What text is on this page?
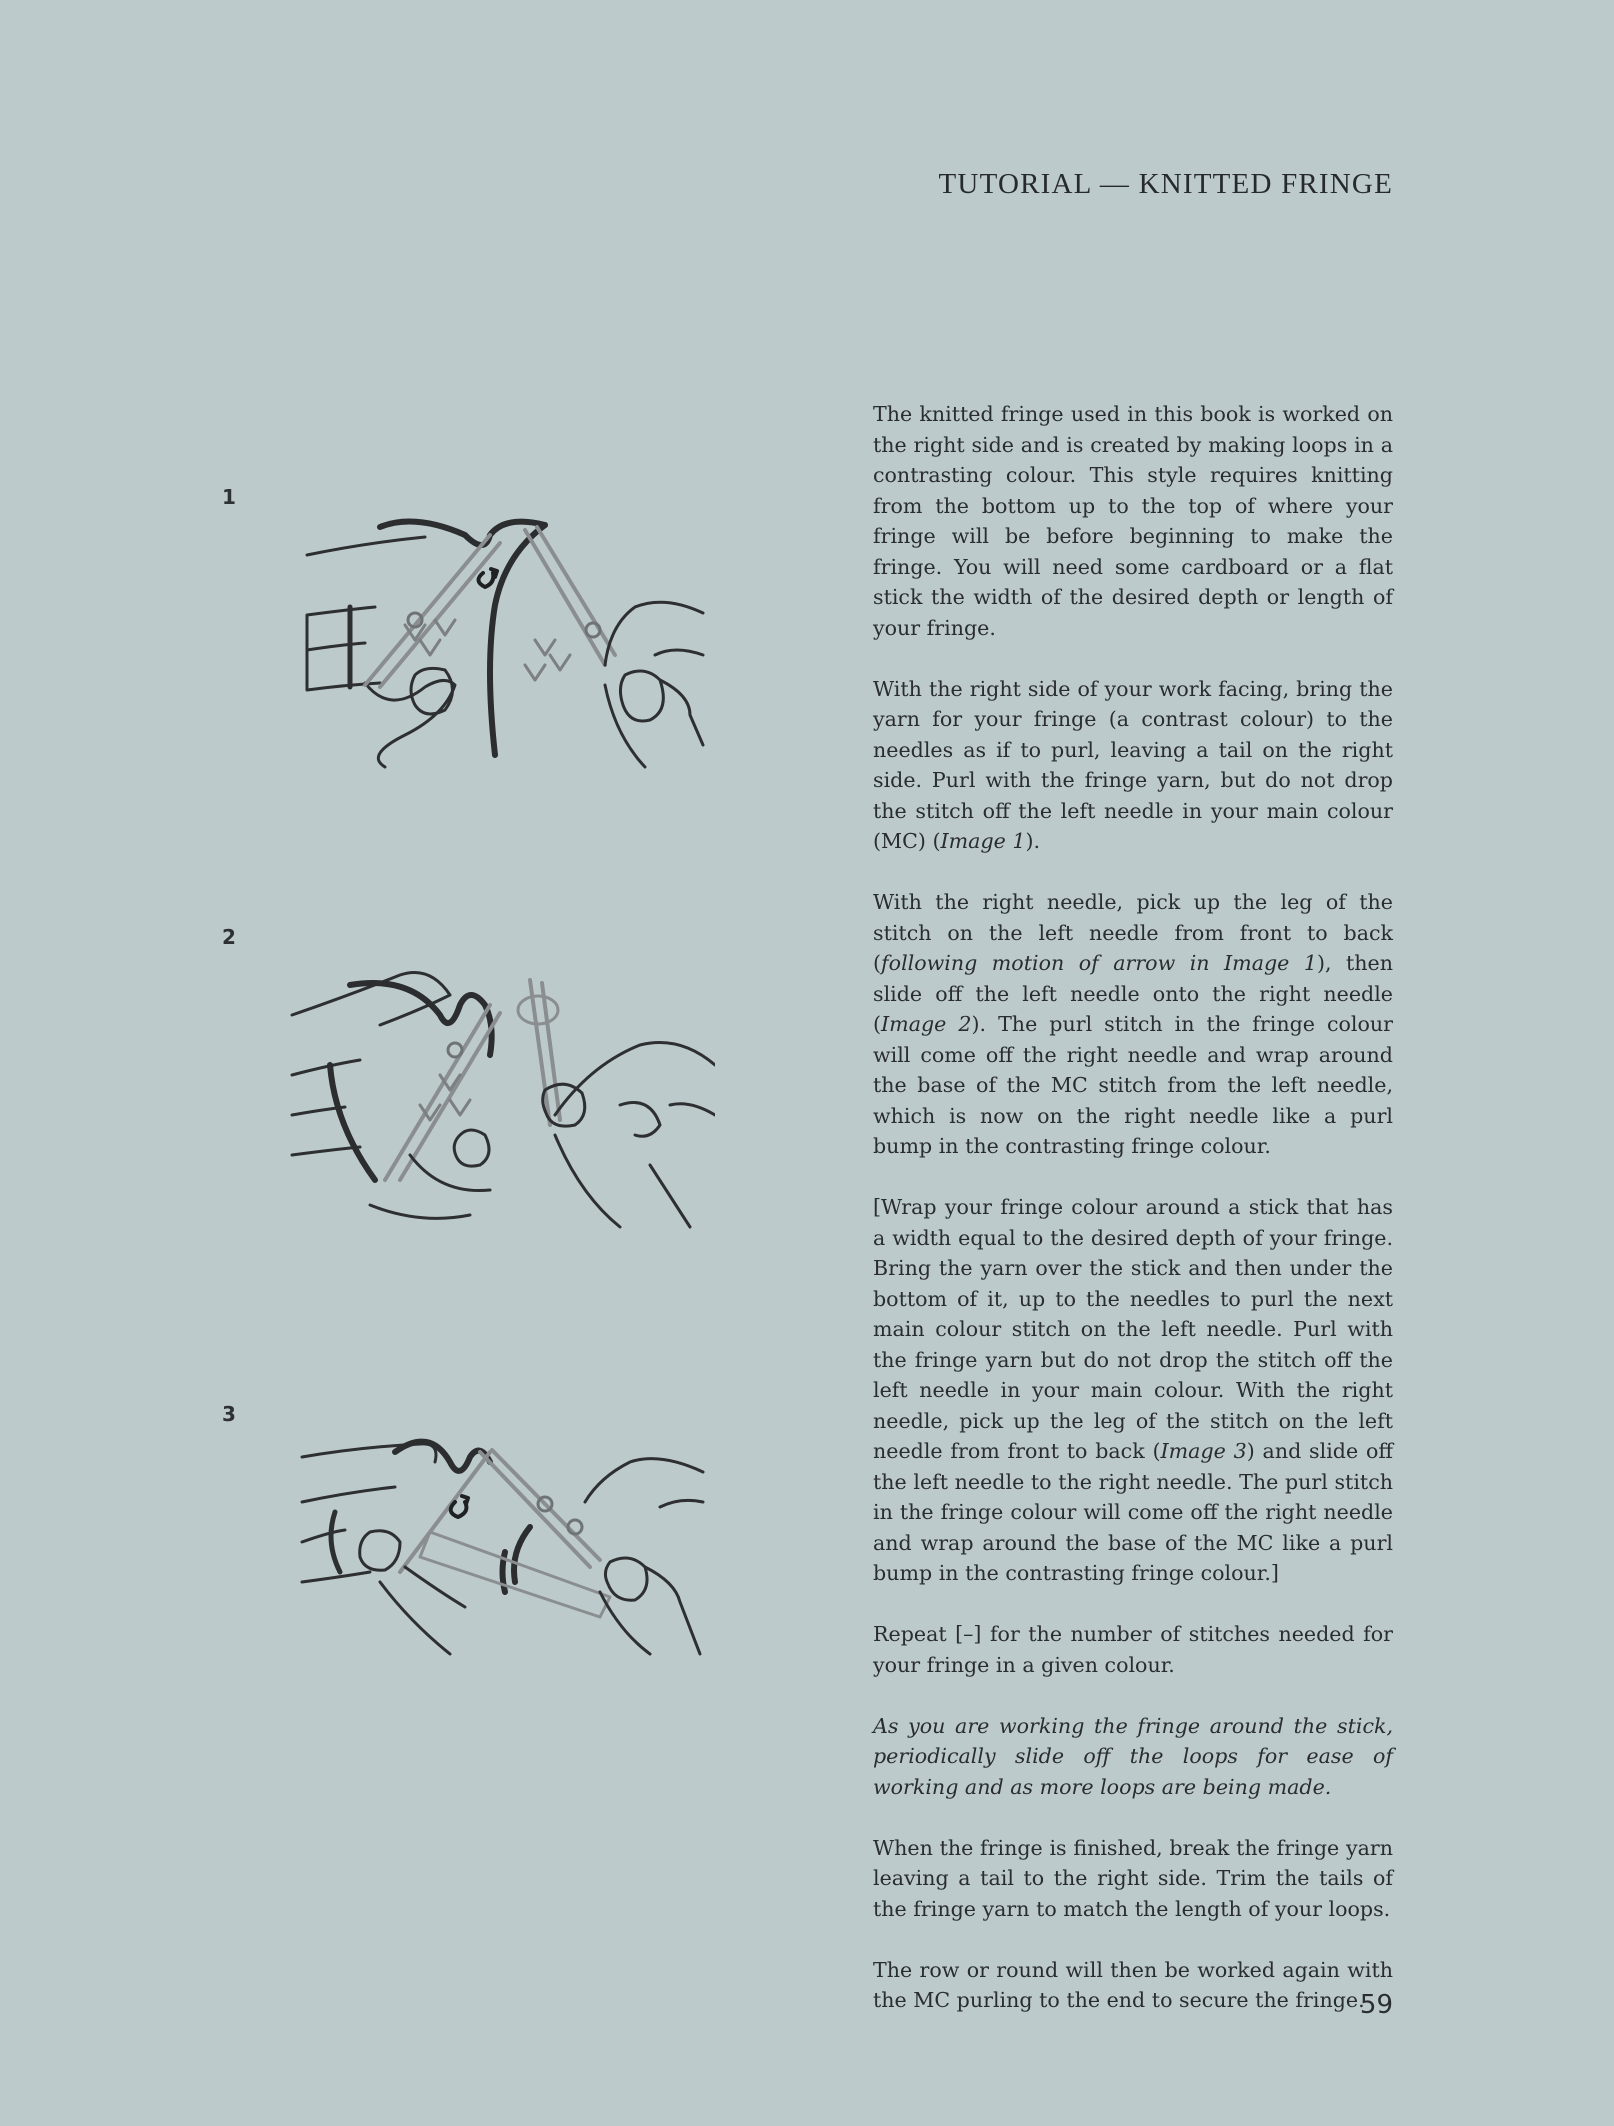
TUTORIAL — KNITTED FRINGE
1
2
3

The knitted fringe used in this book is worked on the right side and is created by making loops in a contrasting colour. This style requires knitting from the bottom up to the top of where your fringe will be before beginning to make the fringe. You will need some cardboard or a flat stick the width of the desired depth or length of your fringe.

With the right side of your work facing, bring the yarn for your fringe (a contrast colour) to the needles as if to purl, leaving a tail on the right side. Purl with the fringe yarn, but do not drop the stitch off the left needle in your main colour (MC) (Image 1).

With the right needle, pick up the leg of the stitch on the left needle from front to back (following motion of arrow in Image 1), then slide off the left needle onto the right needle (Image 2). The purl stitch in the fringe colour will come off the right needle and wrap around the base of the MC stitch from the left needle, which is now on the right needle like a purl bump in the contrasting fringe colour.

[Wrap your fringe colour around a stick that has a width equal to the desired depth of your fringe. Bring the yarn over the stick and then under the bottom of it, up to the needles to purl the next main colour stitch on the left needle. Purl with the fringe yarn but do not drop the stitch off the left needle in your main colour. With the right needle, pick up the leg of the stitch on the left needle from front to back (Image 3) and slide off the left needle to the right needle. The purl stitch in the fringe colour will come off the right needle and wrap around the base of the MC like a purl bump in the contrasting fringe colour.]

Repeat [–] for the number of stitches needed for your fringe in a given colour.

As you are working the fringe around the stick, periodically slide off the loops for ease of working and as more loops are being made.

When the fringe is finished, break the fringe yarn leaving a tail to the right side. Trim the tails of the fringe yarn to match the length of your loops.

The row or round will then be worked again with the MC purling to the end to secure the fringe.

59
